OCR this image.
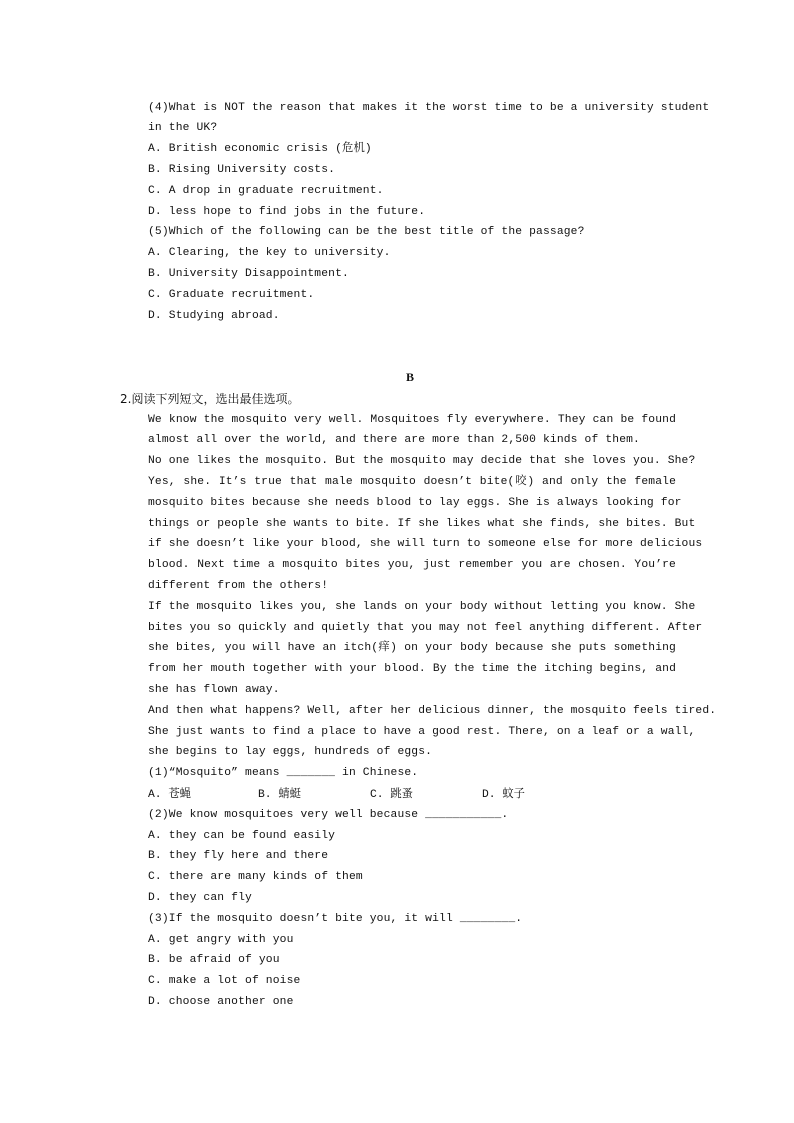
(4)What is NOT the reason that makes it the worst time to be a university student
in the UK?
A. British economic crisis (危机)
B. Rising University costs.
C. A drop in graduate recruitment.
D. less hope to find jobs in the future.
(5)Which of the following can be the best title of the passage?
A. Clearing, the key to university.
B. University Disappointment.
C. Graduate recruitment.
D. Studying abroad.
B
2.阅读下列短文，选出最佳选项。
We know the mosquito very well. Mosquitoes fly everywhere. They can be found
almost all over the world, and there are more than 2,500 kinds of them.
No one likes the mosquito. But the mosquito may decide that she loves you. She?
Yes, she. It’s true that male mosquito doesn’t bite(咬) and only the female
mosquito bites because she needs blood to lay eggs. She is always looking for
things or people she wants to bite. If she likes what she finds, she bites. But
if she doesn’t like your blood, she will turn to someone else for more delicious
blood. Next time a mosquito bites you, just remember you are chosen. You’re
different from the others!
If the mosquito likes you, she lands on your body without letting you know. She
bites you so quickly and quietly that you may not feel anything different. After
she bites, you will have an itch(痒) on your body because she puts something
from her mouth together with your blood. By the time the itching begins, and
she has flown away.
And then what happens? Well, after her delicious dinner, the mosquito feels tired.
She just wants to find a place to have a good rest. There, on a leaf or a wall,
she begins to lay eggs, hundreds of eggs.
(1)“Mosquito” means _______ in Chinese.
A. 苍蝇	B. 蜻蜓	C. 跳蚤	D. 蚊子
(2)We know mosquitoes very well because ___________.
A. they can be found easily
B. they fly here and there
C. there are many kinds of them
D. they can fly
(3)If the mosquito doesn’t bite you, it will ________.
A. get angry with you
B. be afraid of you
C. make a lot of noise
D. choose another one
